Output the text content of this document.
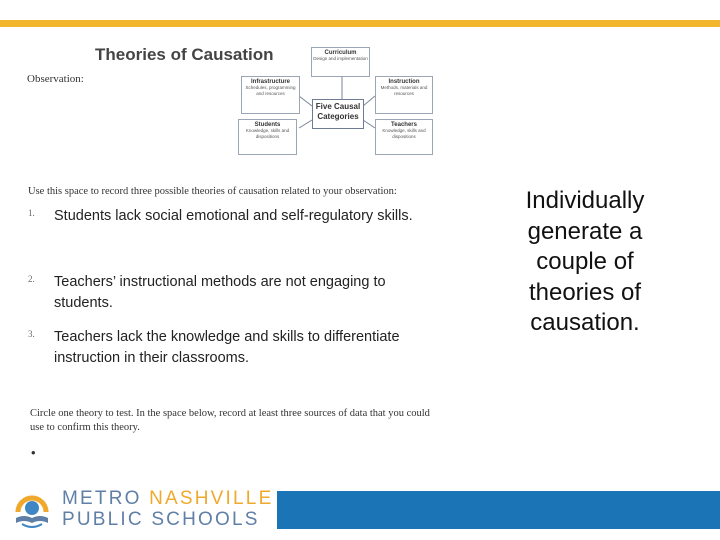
Theories of Causation
Observation:
Curriculum
Design and implementation
Infrastructure
Schedules, programming and resources
Instruction
Methods, materials and resources
Five Causal Categories
Students
Knowledge, skills and dispositions
Teachers
Knowledge, skills and dispositions
Use this space to record three possible theories of causation related to your observation:
1. Students lack social emotional and self-regulatory skills.
2. Teachers’ instructional methods are not engaging to students.
3. Teachers lack the knowledge and skills to differentiate instruction in their classrooms.
Circle one theory to test. In the space below, record at least three sources of data that you could use to confirm this theory.
•
Individually generate a couple of theories of causation.
METRO NASHVILLE
PUBLIC SCHOOLS
